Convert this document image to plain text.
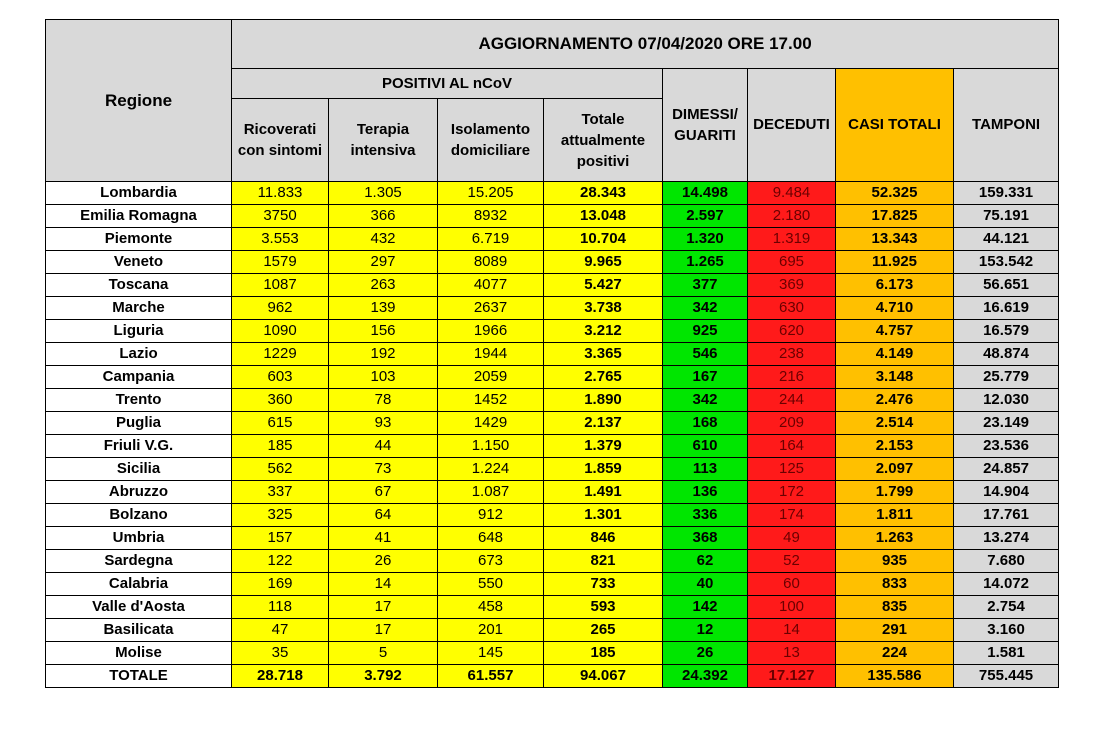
Regione	AGGIORNAMENTO 07/04/2020 ORE 17.00							
	POSITIVI AL nCoV				DIMESSI/ GUARITI	DECEDUTI	CASI TOTALI	TAMPONI
	Ricoverati con sintomi	Terapia intensiva	Isolamento domiciliare	Totale attualmente positivi				
Lombardia	11.833	1.305	15.205	28.343	14.498	9.484	52.325	159.331
Emilia Romagna	3750	366	8932	13.048	2.597	2.180	17.825	75.191
Piemonte	3.553	432	6.719	10.704	1.320	1.319	13.343	44.121
Veneto	1579	297	8089	9.965	1.265	695	11.925	153.542
Toscana	1087	263	4077	5.427	377	369	6.173	56.651
Marche	962	139	2637	3.738	342	630	4.710	16.619
Liguria	1090	156	1966	3.212	925	620	4.757	16.579
Lazio	1229	192	1944	3.365	546	238	4.149	48.874
Campania	603	103	2059	2.765	167	216	3.148	25.779
Trento	360	78	1452	1.890	342	244	2.476	12.030
Puglia	615	93	1429	2.137	168	209	2.514	23.149
Friuli V.G.	185	44	1.150	1.379	610	164	2.153	23.536
Sicilia	562	73	1.224	1.859	113	125	2.097	24.857
Abruzzo	337	67	1.087	1.491	136	172	1.799	14.904
Bolzano	325	64	912	1.301	336	174	1.811	17.761
Umbria	157	41	648	846	368	49	1.263	13.274
Sardegna	122	26	673	821	62	52	935	7.680
Calabria	169	14	550	733	40	60	833	14.072
Valle d'Aosta	118	17	458	593	142	100	835	2.754
Basilicata	47	17	201	265	12	14	291	3.160
Molise	35	5	145	185	26	13	224	1.581
TOTALE	28.718	3.792	61.557	94.067	24.392	17.127	135.586	755.445
